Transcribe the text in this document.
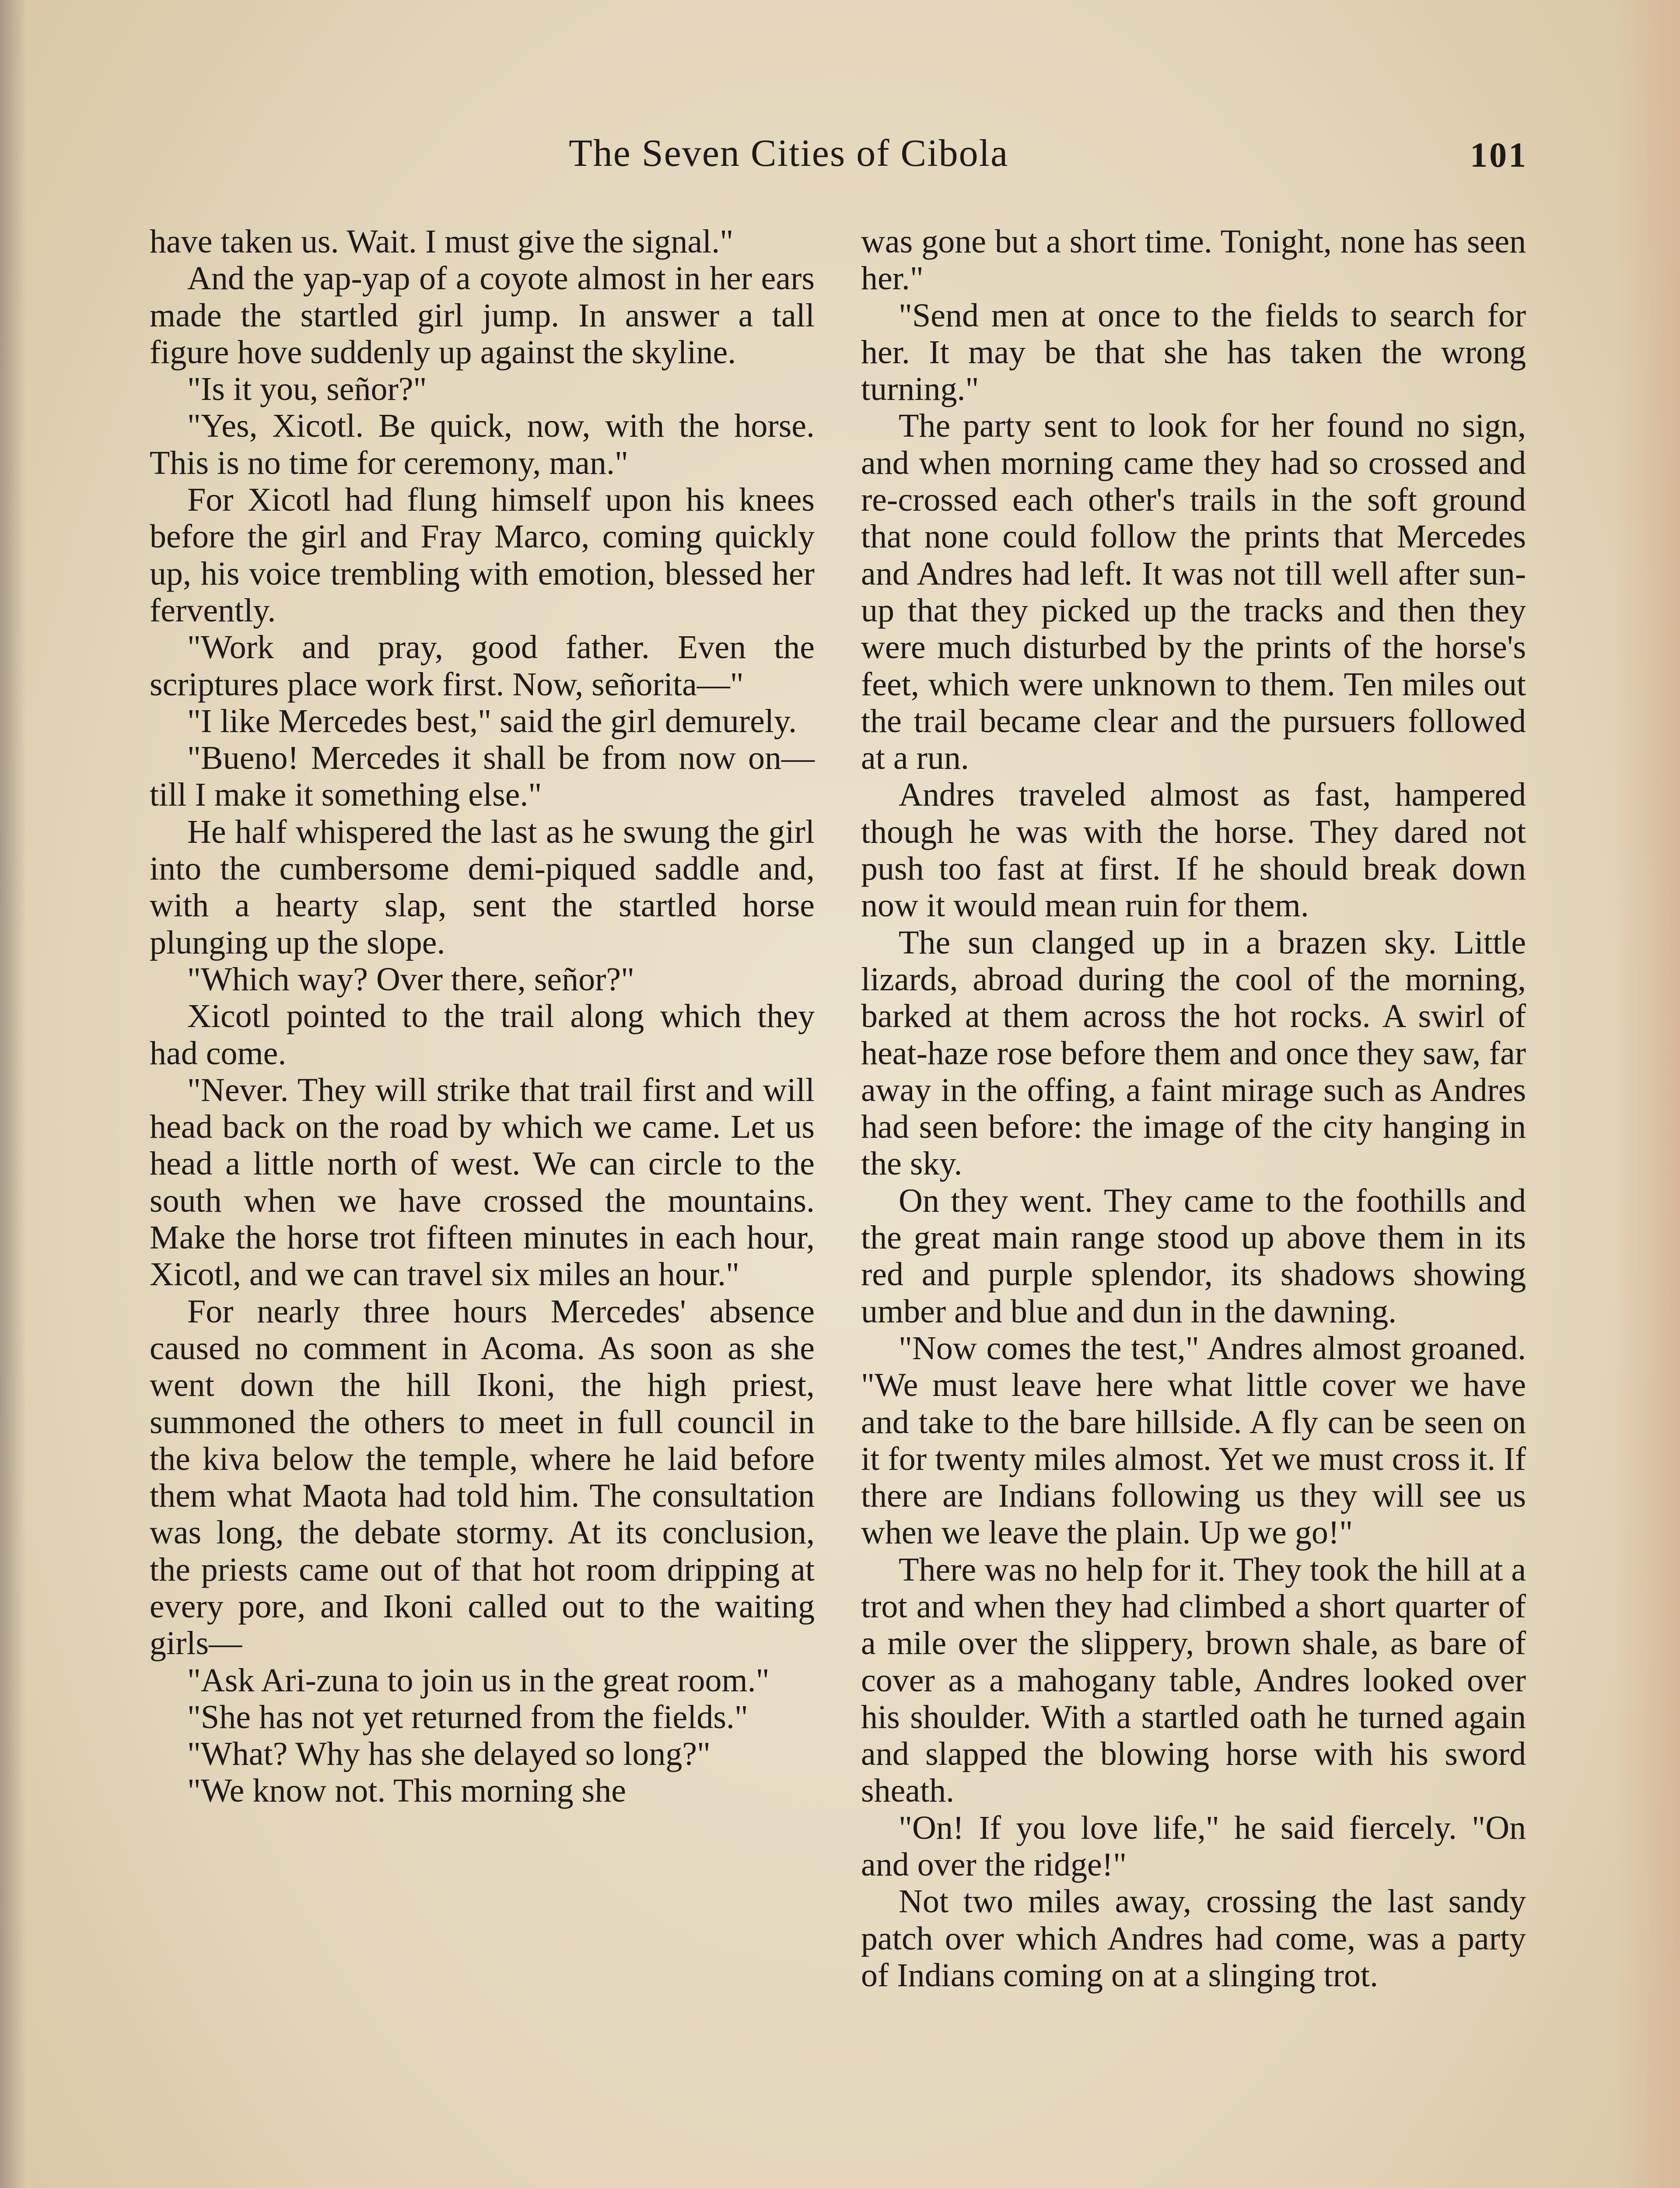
The Seven Cities of Cibola	101

have taken us. Wait. I must give the signal."

And the yap-yap of a coyote almost in her ears made the startled girl jump. In answer a tall figure hove suddenly up against the skyline.

"Is it you, señor?"

"Yes, Xicotl. Be quick, now, with the horse. This is no time for ceremony, man."

For Xicotl had flung himself upon his knees before the girl and Fray Marco, coming quickly up, his voice trembling with emotion, blessed her fervently.

"Work and pray, good father. Even the scriptures place work first. Now, señorita—"

"I like Mercedes best," said the girl demurely.

"Bueno! Mercedes it shall be from now on—till I make it something else."

He half whispered the last as he swung the girl into the cumbersome demi-piqued saddle and, with a hearty slap, sent the startled horse plunging up the slope.

"Which way? Over there, señor?"

Xicotl pointed to the trail along which they had come.

"Never. They will strike that trail first and will head back on the road by which we came. Let us head a little north of west. We can circle to the south when we have crossed the mountains. Make the horse trot fifteen minutes in each hour, Xicotl, and we can travel six miles an hour."

For nearly three hours Mercedes' absence caused no comment in Acoma. As soon as she went down the hill Ikoni, the high priest, summoned the others to meet in full council in the kiva below the temple, where he laid before them what Maota had told him. The consultation was long, the debate stormy. At its conclusion, the priests came out of that hot room dripping at every pore, and Ikoni called out to the waiting girls—

"Ask Ari-zuna to join us in the great room."

"She has not yet returned from the fields."

"What? Why has she delayed so long?"

"We know not. This morning she

was gone but a short time. Tonight, none has seen her."

"Send men at once to the fields to search for her. It may be that she has taken the wrong turning."

The party sent to look for her found no sign, and when morning came they had so crossed and re-crossed each other's trails in the soft ground that none could follow the prints that Mercedes and Andres had left. It was not till well after sun-up that they picked up the tracks and then they were much disturbed by the prints of the horse's feet, which were unknown to them. Ten miles out the trail became clear and the pursuers followed at a run.

Andres traveled almost as fast, hampered though he was with the horse. They dared not push too fast at first. If he should break down now it would mean ruin for them.

The sun clanged up in a brazen sky. Little lizards, abroad during the cool of the morning, barked at them across the hot rocks. A swirl of heat-haze rose before them and once they saw, far away in the offing, a faint mirage such as Andres had seen before: the image of the city hanging in the sky.

On they went. They came to the foothills and the great main range stood up above them in its red and purple splendor, its shadows showing umber and blue and dun in the dawning.

"Now comes the test," Andres almost groaned. "We must leave here what little cover we have and take to the bare hillside. A fly can be seen on it for twenty miles almost. Yet we must cross it. If there are Indians following us they will see us when we leave the plain. Up we go!"

There was no help for it. They took the hill at a trot and when they had climbed a short quarter of a mile over the slippery, brown shale, as bare of cover as a mahogany table, Andres looked over his shoulder. With a startled oath he turned again and slapped the blowing horse with his sword sheath.

"On! If you love life," he said fiercely. "On and over the ridge!"

Not two miles away, crossing the last sandy patch over which Andres had come, was a party of Indians coming on at a slinging trot.
